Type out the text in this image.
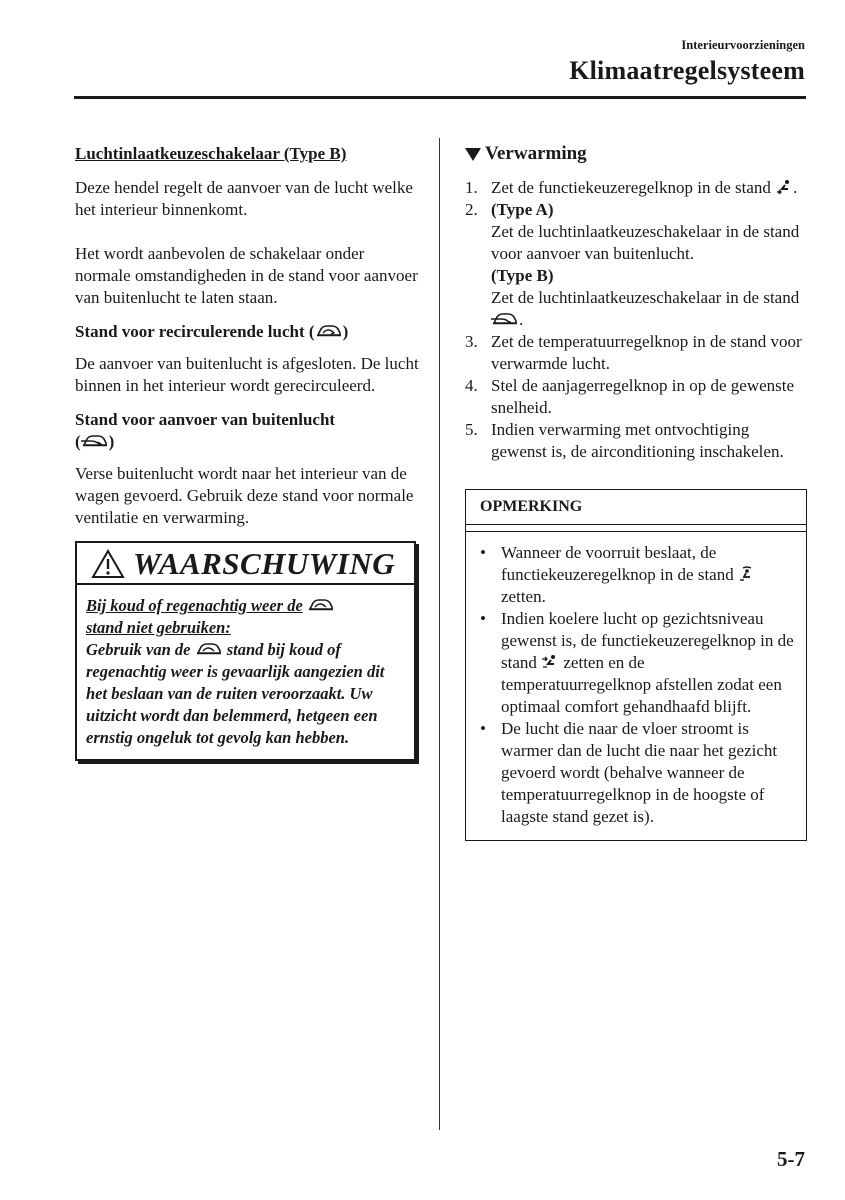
Interieurvoorzieningen
Klimaatregelsysteem

Luchtinlaatkeuzeschakelaar (Type B)

Deze hendel regelt de aanvoer van de lucht welke het interieur binnenkomt.

Het wordt aanbevolen de schakelaar onder normale omstandigheden in de stand voor aanvoer van buitenlucht te laten staan.

Stand voor recirculerende lucht ( )

De aanvoer van buitenlucht is afgesloten. De lucht binnen in het interieur wordt gerecirculeerd.

Stand voor aanvoer van buitenlucht
( )

Verse buitenlucht wordt naar het interieur van de wagen gevoerd. Gebruik deze stand voor normale ventilatie en verwarming.

WAARSCHUWING
Bij koud of regenachtig weer de
stand niet gebruiken:
Gebruik van de stand bij koud of regenachtig weer is gevaarlijk aangezien dit het beslaan van de ruiten veroorzaakt. Uw uitzicht wordt dan belemmerd, hetgeen een ernstig ongeluk tot gevolg kan hebben.
Verwarming
1. Zet de functiekeuzeregelknop in de stand .
2. (Type A)
Zet de luchtinlaatkeuzeschakelaar in de stand voor aanvoer van buitenlucht.
(Type B)
Zet de luchtinlaatkeuzeschakelaar in de stand .
3. Zet de temperatuurregelknop in de stand voor verwarmde lucht.
4. Stel de aanjagerregelknop in op de gewenste snelheid.
5. Indien verwarming met ontvochtiging gewenst is, de airconditioning inschakelen.
OPMERKING
• Wanneer de voorruit beslaat, de functiekeuzeregelknop in de stand  zetten.
• Indien koelere lucht op gezichtsniveau gewenst is, de functiekeuzeregelknop in de stand  zetten en de temperatuurregelknop afstellen zodat een optimaal comfort gehandhaafd blijft.
• De lucht die naar de vloer stroomt is warmer dan de lucht die naar het gezicht gevoerd wordt (behalve wanneer de temperatuurregelknop in de hoogste of laagste stand gezet is).
5-7
